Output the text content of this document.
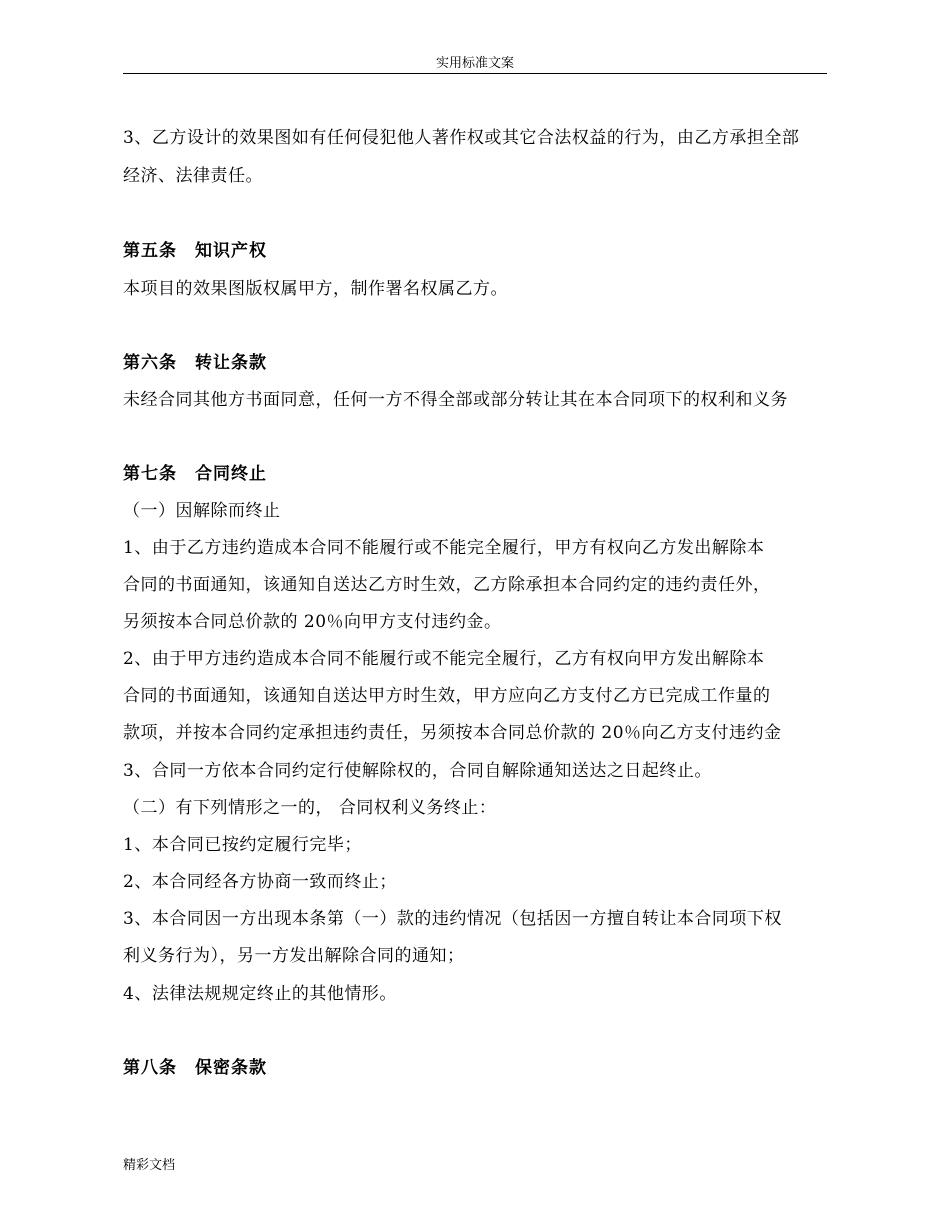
实用标准文案
3、乙方设计的效果图如有任何侵犯他人著作权或其它合法权益的行为，由乙方承担全部
经济、法律责任。
第五条　知识产权
本项目的效果图版权属甲方，制作署名权属乙方。
第六条　转让条款
未经合同其他方书面同意，任何一方不得全部或部分转让其在本合同项下的权利和义务
第七条　合同终止
（一）因解除而终止
1、由于乙方违约造成本合同不能履行或不能完全履行，甲方有权向乙方发出解除本
合同的书面通知，该通知自送达乙方时生效，乙方除承担本合同约定的违约责任外，
另须按本合同总价款的 20％向甲方支付违约金。
2、由于甲方违约造成本合同不能履行或不能完全履行，乙方有权向甲方发出解除本
合同的书面通知，该通知自送达甲方时生效，甲方应向乙方支付乙方已完成工作量的
款项，并按本合同约定承担违约责任，另须按本合同总价款的 20％向乙方支付违约金
3、合同一方依本合同约定行使解除权的，合同自解除通知送达之日起终止。
（二）有下列情形之一的， 合同权利义务终止：
1、本合同已按约定履行完毕；
2、本合同经各方协商一致而终止；
3、本合同因一方出现本条第（一）款的违约情况（包括因一方擅自转让本合同项下权
利义务行为），另一方发出解除合同的通知；
4、法律法规规定终止的其他情形。
第八条　保密条款
精彩文档
